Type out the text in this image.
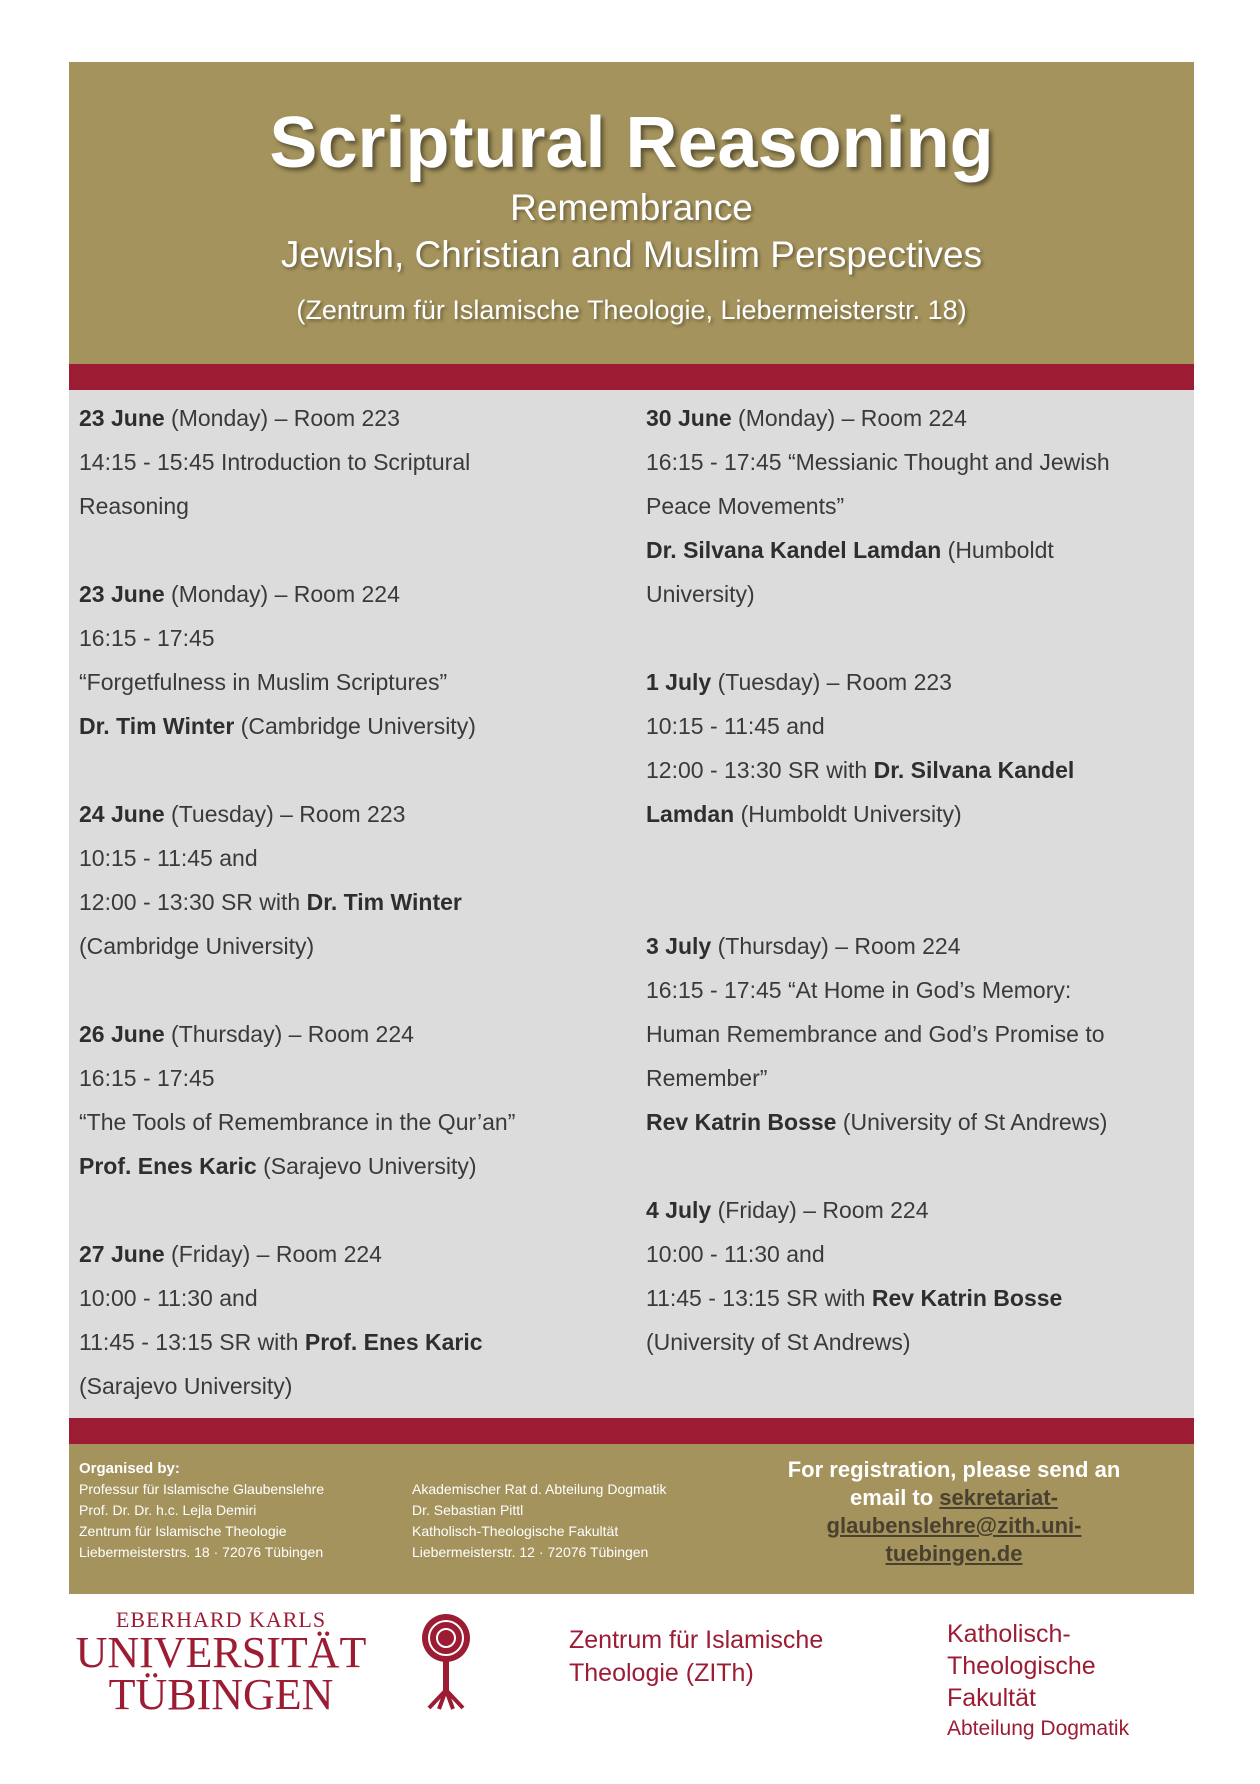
Scriptural Reasoning
Remembrance
Jewish, Christian and Muslim Perspectives
(Zentrum für Islamische Theologie, Liebermeisterstr. 18)
23 June (Monday) – Room 223
14:15 - 15:45 Introduction to Scriptural
Reasoning
23 June (Monday) – Room 224
16:15 - 17:45
“Forgetfulness in Muslim Scriptures”
Dr. Tim Winter (Cambridge University)
24 June (Tuesday) – Room 223
10:15 - 11:45 and
12:00 - 13:30 SR with Dr. Tim Winter
(Cambridge University)
26 June (Thursday) – Room 224
16:15 - 17:45
“The Tools of Remembrance in the Qur’an”
Prof. Enes Karic (Sarajevo University)
27 June (Friday) – Room 224
10:00 - 11:30 and
11:45 - 13:15 SR with Prof. Enes Karic
(Sarajevo University)
30 June (Monday) – Room 224
16:15 - 17:45 “Messianic Thought and Jewish
Peace Movements”
Dr. Silvana Kandel Lamdan (Humboldt
University)
1 July (Tuesday) – Room 223
10:15 - 11:45 and
12:00 - 13:30 SR with Dr. Silvana Kandel
Lamdan (Humboldt University)
3 July (Thursday) – Room 224
16:15 - 17:45 “At Home in God’s Memory:
Human Remembrance and God’s Promise to
Remember”
Rev Katrin Bosse (University of St Andrews)
4 July (Friday) – Room 224
10:00 - 11:30 and
11:45 - 13:15 SR with Rev Katrin Bosse
(University of St Andrews)
Organised by:
Professur für Islamische Glaubenslehre
Prof. Dr. Dr. h.c. Lejla Demiri
Zentrum für Islamische Theologie
Liebermeisterstrs. 18 · 72076 Tübingen
Akademischer Rat d. Abteilung Dogmatik
Dr. Sebastian Pittl
Katholisch-Theologische Fakultät
Liebermeisterstr. 12 · 72076 Tübingen
For registration, please send an email to sekretariat-
glaubenslehre@zith.uni-
tuebingen.de
EBERHARD KARLS
UNIVERSITÄT
TÜBINGEN
Zentrum für Islamische
Theologie (ZITh)
Katholisch-
Theologische
Fakultät
Abteilung Dogmatik
